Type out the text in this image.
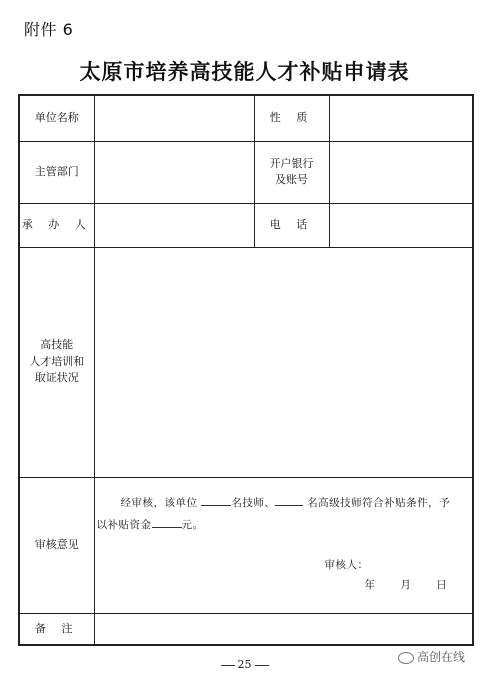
附件 6
太原市培养高技能人才补贴申请表
单位名称		性 质	
主管部门		开户银行
及账号	

承 办 人		电 话	

高技能
人才培训和
取证状况			

审核意见	经审核，该单位 名技师、 名高级技师符合补贴条件，予
以补贴资金 元。
审核人：
年 月 日		

备 注			
高创在线
25
